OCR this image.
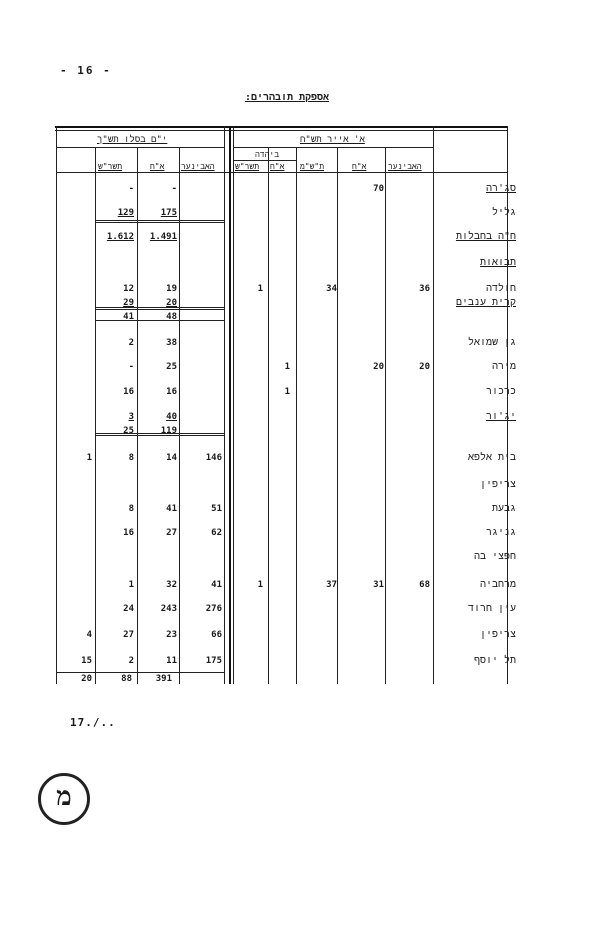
- 16 -
אספקת תובהרים:
א' אייר תש"ח
י"ם בסלו תש"ך
ביהדה
האבינער
א"ח
ת"ש"מ
א"ח
תשר"ש
האבינער
א"ח
תשר"ש
סג'רה
70
-
-
גליל
175
129
ח"ה בחבלות
1.491
1.612
תבואות
חולדה
36
34
1
19
12
קרית ענבים
20
29
48
41
גן שמואל
38
2
מירה
20
20
1
25
-
כרכור
1
16
16
יג'ור
40
3
119
25
בית אלפא
146
14
8
1
צריפין
גבעת
51
41
8
גניגר
62
27
16
חפצי בה
מרחביה
68
31
37
1
41
32
1
עין חרוד
276
243
24
צריפין
66
23
27
4
תל יוסף
175
11
2
15
391
88
20
17./..
מ
